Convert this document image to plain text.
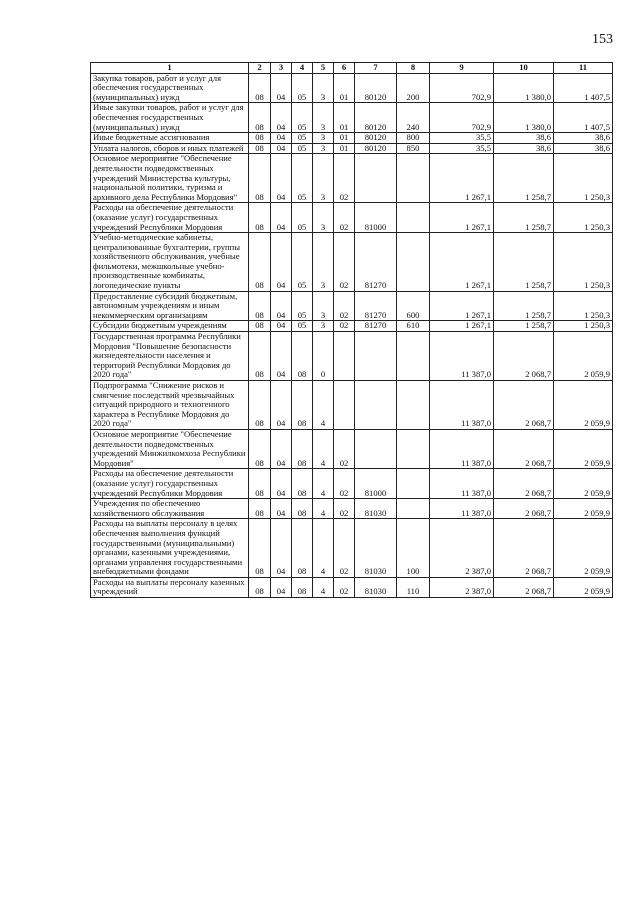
153
1	2	3	4	5	6	7	8	9	10	11
Закупка товаров, работ и услуг для обеспечения государственных (муниципальных) нужд	08	04	05	3	01	80120	200	702,9	1 380,0	1 407,5
Иные закупки товаров, работ и услуг для обеспечения государственных (муниципальных) нужд	08	04	05	3	01	80120	240	702,9	1 380,0	1 407,5
Иные бюджетные ассигнования	08	04	05	3	01	80120	800	35,5	38,6	38,6
Уплата налогов, сборов и иных платежей	08	04	05	3	01	80120	850	35,5	38,6	38,6
Основное мероприятие "Обеспечение деятельности подведомственных учреждений Министерства культуры, национальной политики, туризма и архивного дела Республики Мордовия"	08	04	05	3	02			1 267,1	1 258,7	1 250,3
Расходы на обеспечение деятельности (оказание услуг) государственных учреждений Республики Мордовия	08	04	05	3	02	81000		1 267,1	1 258,7	1 250,3
Учебно-методические кабинеты, централизованные бухгалтерии, группы хозяйственного обслуживания, учебные фильмотеки, межшкольные учебно-производственные комбинаты, логопедические пункты	08	04	05	3	02	81270		1 267,1	1 258,7	1 250,3
Предоставление субсидий бюджетным, автономным учреждениям и иным некоммерческим организациям	08	04	05	3	02	81270	600	1 267,1	1 258,7	1 250,3
Субсидии бюджетным учреждениям	08	04	05	3	02	81270	610	1 267,1	1 258,7	1 250,3
Государственная программа Республики Мордовия "Повышение безопасности жизнедеятельности населения и территорий Республики Мордовия до 2020 года"	08	04	08	0				11 387,0	2 068,7	2 059,9
Подпрограмма "Снижение рисков и смягчение последствий чрезвычайных ситуаций природного и техногенного характера в Республике Мордовия до 2020 года"	08	04	08	4				11 387,0	2 068,7	2 059,9
Основное мероприятие "Обеспечение деятельности подведомственных учреждений Минжилкомхоза Республики Мордовия"	08	04	08	4	02			11 387,0	2 068,7	2 059,9
Расходы на обеспечение деятельности (оказание услуг) государственных учреждений Республики Мордовия	08	04	08	4	02	81000		11 387,0	2 068,7	2 059,9
Учреждения по обеспечению хозяйственного обслуживания	08	04	08	4	02	81030		11 387,0	2 068,7	2 059,9
Расходы на выплаты персоналу в целях обеспечения выполнения функций государственными (муниципальными) органами, казенными учреждениями, органами управления государственными внебюджетными фондами	08	04	08	4	02	81030	100	2 387,0	2 068,7	2 059,9
Расходы на выплаты персоналу казенных учреждений	08	04	08	4	02	81030	110	2 387,0	2 068,7	2 059,9
